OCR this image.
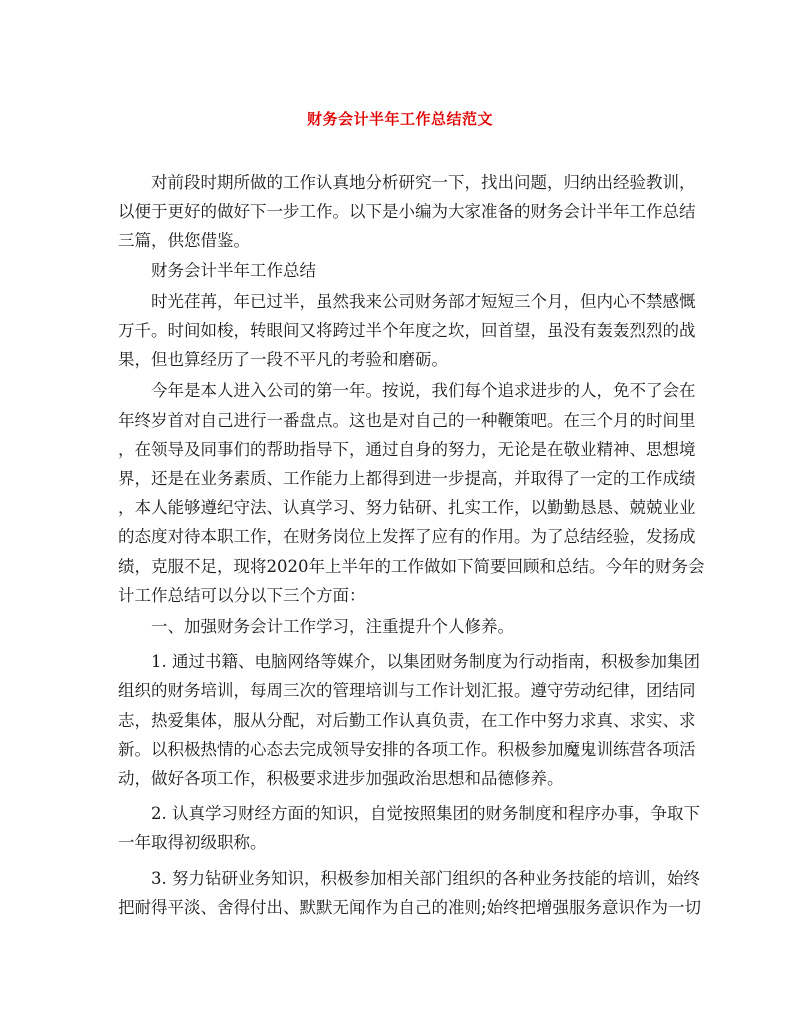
财务会计半年工作总结范文
对前段时期所做的工作认真地分析研究一下，找出问题，归纳出经验教训，
以便于更好的做好下一步工作。以下是小编为大家准备的财务会计半年工作总结
三篇，供您借鉴。
财务会计半年工作总结
时光荏苒，年已过半，虽然我来公司财务部才短短三个月，但内心不禁感慨
万千。时间如梭，转眼间又将跨过半个年度之坎，回首望，虽没有轰轰烈烈的战
果，但也算经历了一段不平凡的考验和磨砺。
今年是本人进入公司的第一年。按说，我们每个追求进步的人，免不了会在
年终岁首对自己进行一番盘点。这也是对自己的一种鞭策吧。在三个月的时间里
，在领导及同事们的帮助指导下，通过自身的努力，无论是在敬业精神、思想境
界，还是在业务素质、工作能力上都得到进一步提高，并取得了一定的工作成绩
，本人能够遵纪守法、认真学习、努力钻研、扎实工作，以勤勤恳恳、兢兢业业
的态度对待本职工作，在财务岗位上发挥了应有的作用。为了总结经验，发扬成
绩，克服不足，现将2020年上半年的工作做如下简要回顾和总结。今年的财务会
计工作总结可以分以下三个方面：
一、加强财务会计工作学习，注重提升个人修养。
1. 通过书籍、电脑网络等媒介，以集团财务制度为行动指南，积极参加集团
组织的财务培训，每周三次的管理培训与工作计划汇报。遵守劳动纪律，团结同
志，热爱集体，服从分配，对后勤工作认真负责，在工作中努力求真、求实、求
新。以积极热情的心态去完成领导安排的各项工作。积极参加魔鬼训练营各项活
动，做好各项工作，积极要求进步加强政治思想和品德修养。
2. 认真学习财经方面的知识，自觉按照集团的财务制度和程序办事，争取下
一年取得初级职称。
3. 努力钻研业务知识，积极参加相关部门组织的各种业务技能的培训，始终
把耐得平淡、舍得付出、默默无闻作为自己的准则;始终把增强服务意识作为一切
